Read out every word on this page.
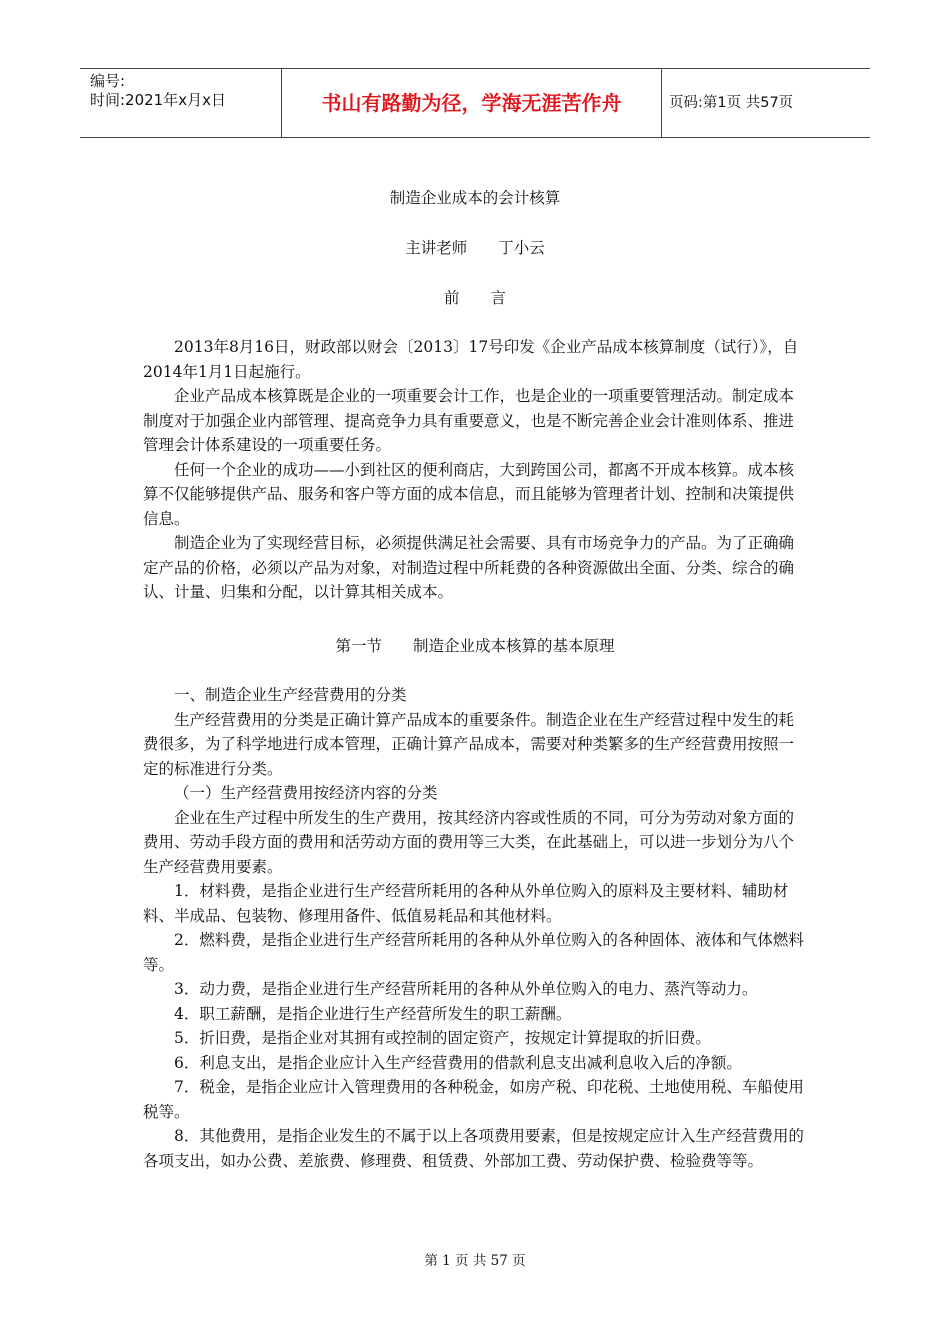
编号:
时间:2021年x月x日	书山有路勤为径，学海无涯苦作舟	页码:第1页 共57页
制造企业成本的会计核算
主讲老师　　丁小云
前　　言

2013年8月16日，财政部以财会〔2013〕17号印发《企业产品成本核算制度（试行）》，自2014年1月1日起施行。

企业产品成本核算既是企业的一项重要会计工作，也是企业的一项重要管理活动。制定成本制度对于加强企业内部管理、提高竞争力具有重要意义，也是不断完善企业会计准则体系、推进管理会计体系建设的一项重要任务。

任何一个企业的成功——小到社区的便利商店，大到跨国公司，都离不开成本核算。成本核算不仅能够提供产品、服务和客户等方面的成本信息，而且能够为管理者计划、控制和决策提供信息。

制造企业为了实现经营目标，必须提供满足社会需要、具有市场竞争力的产品。为了正确确定产品的价格，必须以产品为对象，对制造过程中所耗费的各种资源做出全面、分类、综合的确认、计量、归集和分配，以计算其相关成本。

第一节　　制造企业成本核算的基本原理

一、制造企业生产经营费用的分类

生产经营费用的分类是正确计算产品成本的重要条件。制造企业在生产经营过程中发生的耗费很多，为了科学地进行成本管理，正确计算产品成本，需要对种类繁多的生产经营费用按照一定的标准进行分类。

（一）生产经营费用按经济内容的分类

企业在生产过程中所发生的生产费用，按其经济内容或性质的不同，可分为劳动对象方面的费用、劳动手段方面的费用和活劳动方面的费用等三大类，在此基础上，可以进一步划分为八个生产经营费用要素。

1．材料费，是指企业进行生产经营所耗用的各种从外单位购入的原料及主要材料、辅助材料、半成品、包装物、修理用备件、低值易耗品和其他材料。

2．燃料费，是指企业进行生产经营所耗用的各种从外单位购入的各种固体、液体和气体燃料等。

3．动力费，是指企业进行生产经营所耗用的各种从外单位购入的电力、蒸汽等动力。

4．职工薪酬，是指企业进行生产经营所发生的职工薪酬。

5．折旧费，是指企业对其拥有或控制的固定资产，按规定计算提取的折旧费。

6．利息支出，是指企业应计入生产经营费用的借款利息支出减利息收入后的净额。

7．税金，是指企业应计入管理费用的各种税金，如房产税、印花税、土地使用税、车船使用税等。

8．其他费用，是指企业发生的不属于以上各项费用要素，但是按规定应计入生产经营费用的各项支出，如办公费、差旅费、修理费、租赁费、外部加工费、劳动保护费、检验费等等。

第 1 页 共 57 页
